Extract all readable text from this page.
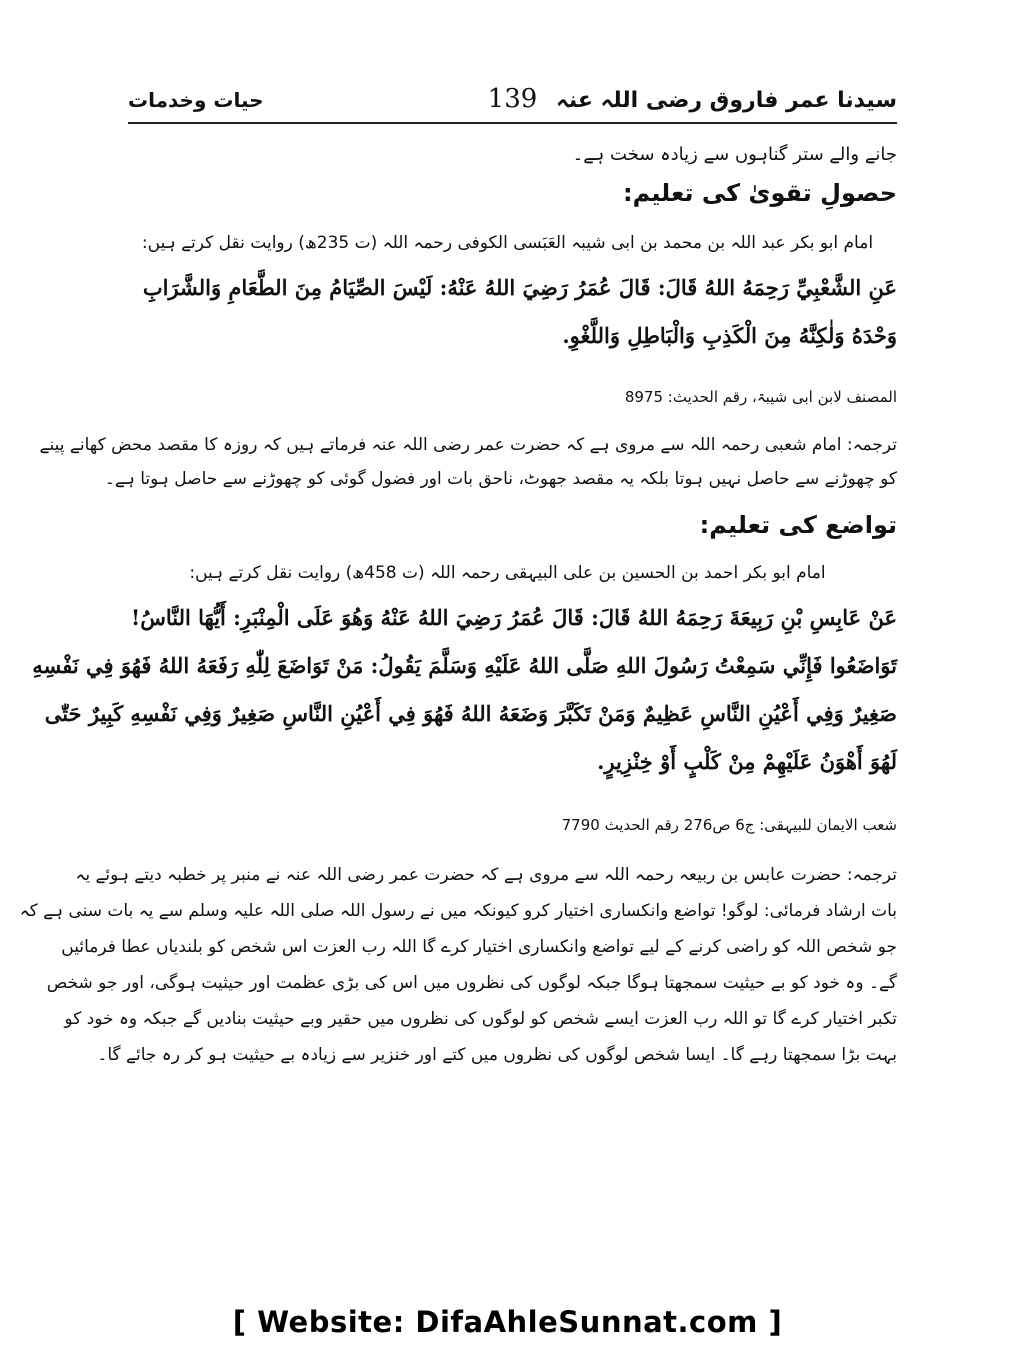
سیدنا عمر فاروق رضی اللہ عنہ
139
حیات وخدمات
جانے والے ستر گناہوں سے زیادہ سخت ہے۔
حصولِ تقویٰ کی تعلیم:
امام ابو بکر عبد اللہ بن محمد بن ابی شیبہ العَبَسی الکوفی رحمہ اللہ (ت 235ھ) روایت نقل کرتے ہیں:
عَنِ الشَّعْبِيِّ رَحِمَهُ اللهُ قَالَ: قَالَ عُمَرُ رَضِيَ اللهُ عَنْهُ: لَيْسَ الصِّيَامُ مِنَ الطَّعَامِ وَالشَّرَابِ
وَحْدَهُ وَلٰكِنَّهُ مِنَ الْكَذِبِ وَالْبَاطِلِ وَاللَّغْوِ.
المصنف لابن ابی شیبۃ، رقم الحدیث: 8975
ترجمہ: امام شعبی رحمہ اللہ سے مروی ہے کہ حضرت عمر رضی اللہ عنہ فرماتے ہیں کہ روزہ کا مقصد محض کھانے پینے
کو چھوڑنے سے حاصل نہیں ہوتا بلکہ یہ مقصد جھوٹ، ناحق بات اور فضول گوئی کو چھوڑنے سے حاصل ہوتا ہے۔
تواضع کی تعلیم:
امام ابو بکر احمد بن الحسین بن علی البیہقی رحمہ اللہ (ت 458ھ) روایت نقل کرتے ہیں:
عَنْ عَابِسِ بْنِ رَبِيعَةَ رَحِمَهُ اللهُ قَالَ: قَالَ عُمَرُ رَضِيَ اللهُ عَنْهُ وَهُوَ عَلَى الْمِنْبَرِ: أَيُّهَا النَّاسُ!
تَوَاضَعُوا فَإِنِّي سَمِعْتُ رَسُولَ اللهِ صَلَّى اللهُ عَلَيْهِ وَسَلَّمَ يَقُولُ: مَنْ تَوَاضَعَ لِلّٰهِ رَفَعَهُ اللهُ فَهُوَ فِي نَفْسِهِ
صَغِيرٌ وَفِي أَعْيُنِ النَّاسِ عَظِيمٌ وَمَنْ تَكَبَّرَ وَضَعَهُ اللهُ فَهُوَ فِي أَعْيُنِ النَّاسِ صَغِيرٌ وَفِي نَفْسِهِ كَبِيرٌ حَتّٰى
لَهُوَ أَهْوَنُ عَلَيْهِمْ مِنْ كَلْبٍ أَوْ خِنْزِيرٍ.
شعب الایمان للبیہقی: ج6 ص276 رقم الحدیث 7790
ترجمہ: حضرت عابس بن ربیعہ رحمہ اللہ سے مروی ہے کہ حضرت عمر رضی اللہ عنہ نے منبر پر خطبہ دیتے ہوئے یہ
بات ارشاد فرمائی: لوگو! تواضع وانکساری اختیار کرو کیونکہ میں نے رسول اللہ صلی اللہ علیہ وسلم سے یہ بات سنی ہے کہ
جو شخص اللہ کو راضی کرنے کے لیے تواضع وانکساری اختیار کرے گا اللہ رب العزت اس شخص کو بلندیاں عطا فرمائیں
گے۔ وہ خود کو بے حیثیت سمجھتا ہوگا جبکہ لوگوں کی نظروں میں اس کی بڑی عظمت اور حیثیت ہوگی، اور جو شخص
تکبر اختیار کرے گا تو اللہ رب العزت ایسے شخص کو لوگوں کی نظروں میں حقیر وبے حیثیت بنادیں گے جبکہ وہ خود کو
بہت بڑا سمجھتا رہے گا۔ ایسا شخص لوگوں کی نظروں میں کتے اور خنزیر سے زیادہ بے حیثیت ہو کر رہ جائے گا۔
[ Website: DifaAhleSunnat.com ]
